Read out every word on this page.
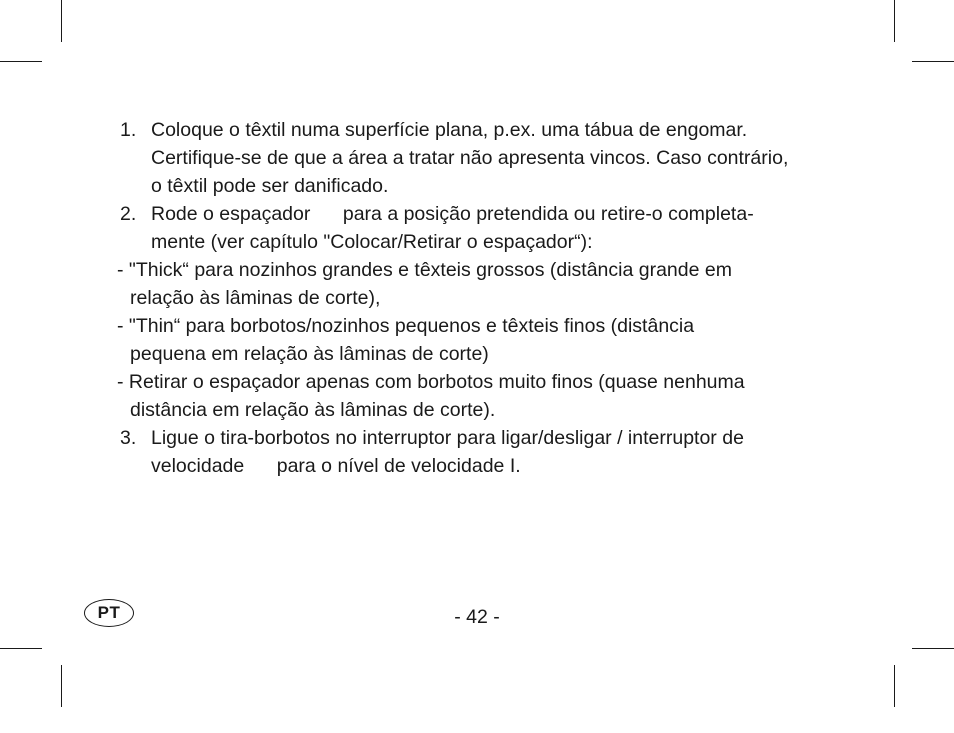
1. Coloque o têxtil numa superfície plana, p.ex. uma tábua de engomar.
Certifique-se de que a área a tratar não apresenta vincos. Caso contrário,
o têxtil pode ser danificado.
2. Rode o espaçador      para a posição pretendida ou retire-o completa-
mente (ver capítulo "Colocar/Retirar o espaçador“):
- "Thick“ para nozinhos grandes e têxteis grossos (distância grande em
relação às lâminas de corte),
- "Thin“ para borbotos/nozinhos pequenos e têxteis finos (distância
pequena em relação às lâminas de corte)
- Retirar o espaçador apenas com borbotos muito finos (quase nenhuma
distância em relação às lâminas de corte).
3. Ligue o tira-borbotos no interruptor para ligar/desligar / interruptor de
velocidade      para o nível de velocidade I.
PT	- 42 -
